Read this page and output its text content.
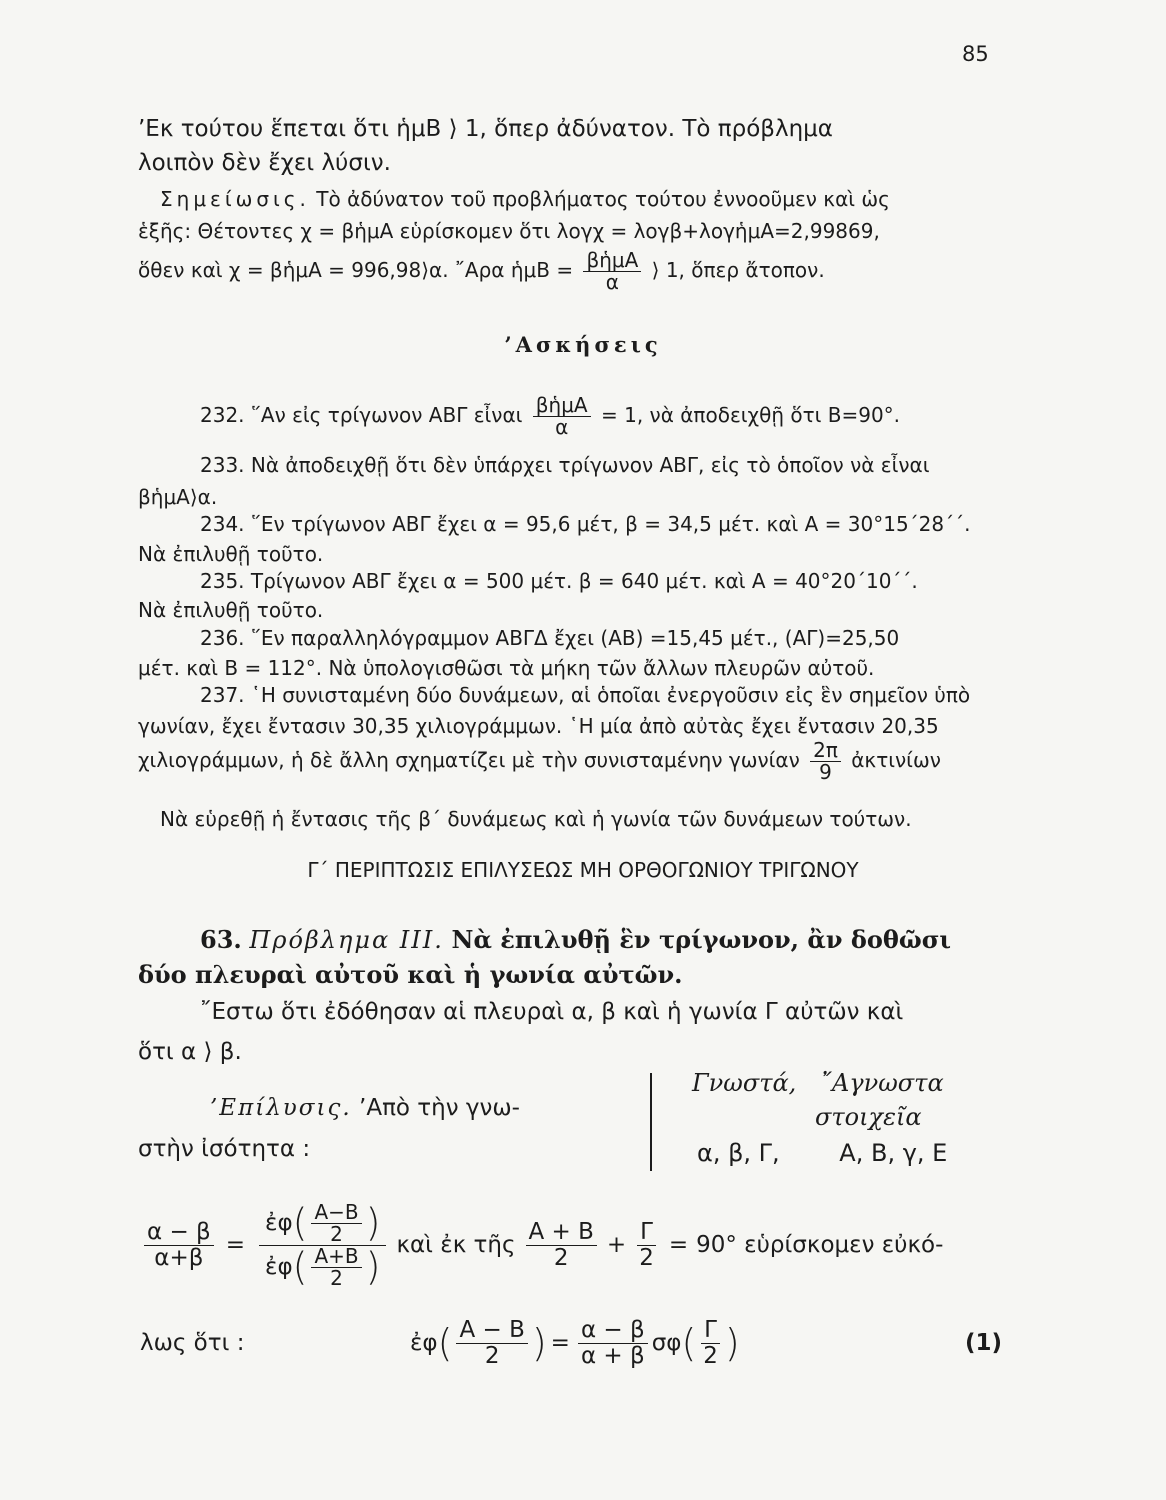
85
’Εκ τούτου ἕπεται ὅτι ἡμΒ ⟩ 1, ὅπερ ἀδύνατον. Τὸ πρόβλημα
λοιπὸν δὲν ἔχει λύσιν.
Σημείωσις. Τὸ ἀδύνατον τοῦ προβλήματος τούτου ἐννοοῦμεν καὶ ὡς
ἑξῆς: Θέτοντες χ = βἡμΑ εὑρίσκομεν ὅτι λογχ = λογβ+λογἡμΑ=2,99869,
ὅθεν καὶ χ = βἡμΑ = 996,98⟩α. ῎Αρα ἡμΒ = $\frac{\text{βἡμΑ}}{\alpha}$ ⟩ 1, ὅπερ ἄτοπον.
’Ασκήσεις
232. ῞Αν εἰς τρίγωνον ΑΒΓ εἶναι $\frac{\text{βἡμΑ}}{\alpha} = 1$, νὰ ἀποδειχθῇ ὅτι Β=90°.
233. Νὰ ἀποδειχθῇ ὅτι δὲν ὑπάρχει τρίγωνον ΑΒΓ, εἰς τὸ ὁποῖον νὰ εἶναι
βἡμΑ⟩α.
234. ῞Εν τρίγωνον ΑΒΓ ἔχει α = 95,6 μέτ, β = 34,5 μέτ. καὶ Α = 30°15΄28΄΄.
Νὰ ἐπιλυθῇ τοῦτο.
235. Τρίγωνον ΑΒΓ ἔχει α = 500 μέτ. β = 640 μέτ. καὶ Α = 40°20΄10΄΄.
Νὰ ἐπιλυθῇ τοῦτο.
236. ῞Εν παραλληλόγραμμον ΑΒΓΔ ἔχει (ΑΒ) =15,45 μέτ., (ΑΓ)=25,50
μέτ. καὶ Β = 112°. Νὰ ὑπολογισθῶσι τὰ μήκη τῶν ἄλλων πλευρῶν αὐτοῦ.
237. ῾Η συνισταμένη δύο δυνάμεων, αἱ ὁποῖαι ἐνεργοῦσιν εἰς ἓν σημεῖον ὑπὸ
γωνίαν, ἔχει ἔντασιν 30,35 χιλιογράμμων. ῾Η μία ἀπὸ αὐτὰς ἔχει ἔντασιν 20,35
χιλιογράμμων, ἡ δὲ ἄλλη σχηματίζει μὲ τὴν συνισταμένην γωνίαν $\frac{2\pi}{9}$ ἀκτινίων
Νὰ εὑρεθῇ ἡ ἔντασις τῆς β΄ δυνάμεως καὶ ἡ γωνία τῶν δυνάμεων τούτων.
Γ΄ ΠΕΡΙΠΤΩΣΙΣ ΕΠΙΛΥΣΕΩΣ ΜΗ ΟΡΘΟΓΩΝΙΟΥ ΤΡΙΓΩΝΟΥ
63. Πρόβλημα ΙΙΙ. Νὰ ἐπιλυθῇ ἓν τρίγωνον, ἂν δοθῶσι
δύο πλευραὶ αὐτοῦ καὶ ἡ γωνία αὐτῶν.
῎Εστω ὅτι ἐδόθησαν αἱ πλευραὶ α, β καὶ ἡ γωνία Γ αὐτῶν καὶ
ὅτι α ⟩ β.
’Επίλυσις. ’Απὸ τὴν γνω-
στὴν ἰσότητα :
Γνωστά, ῎Αγνωστα
στοιχεῖα
α, β, Γ, Α, Β, γ, Ε
$\frac{\alpha - \beta}{\alpha+\beta} = \frac{ἐ\varphi( \frac{A-B}{2} )}{ἐ\varphi( \frac{A+B}{2} )}$ καὶ ἐκ τῆς $\frac{A + B}{2} + \frac{\Gamma}{2} = 90^\circ$ εὑρίσκομεν εὐκό-
λως ὅτι :	ἐφ ( $\frac{A - B}{2}$ ) = $\frac{\alpha - \beta}{\alpha + \beta}$ σφ ( $\frac{\Gamma}{2}$ )	(1)
